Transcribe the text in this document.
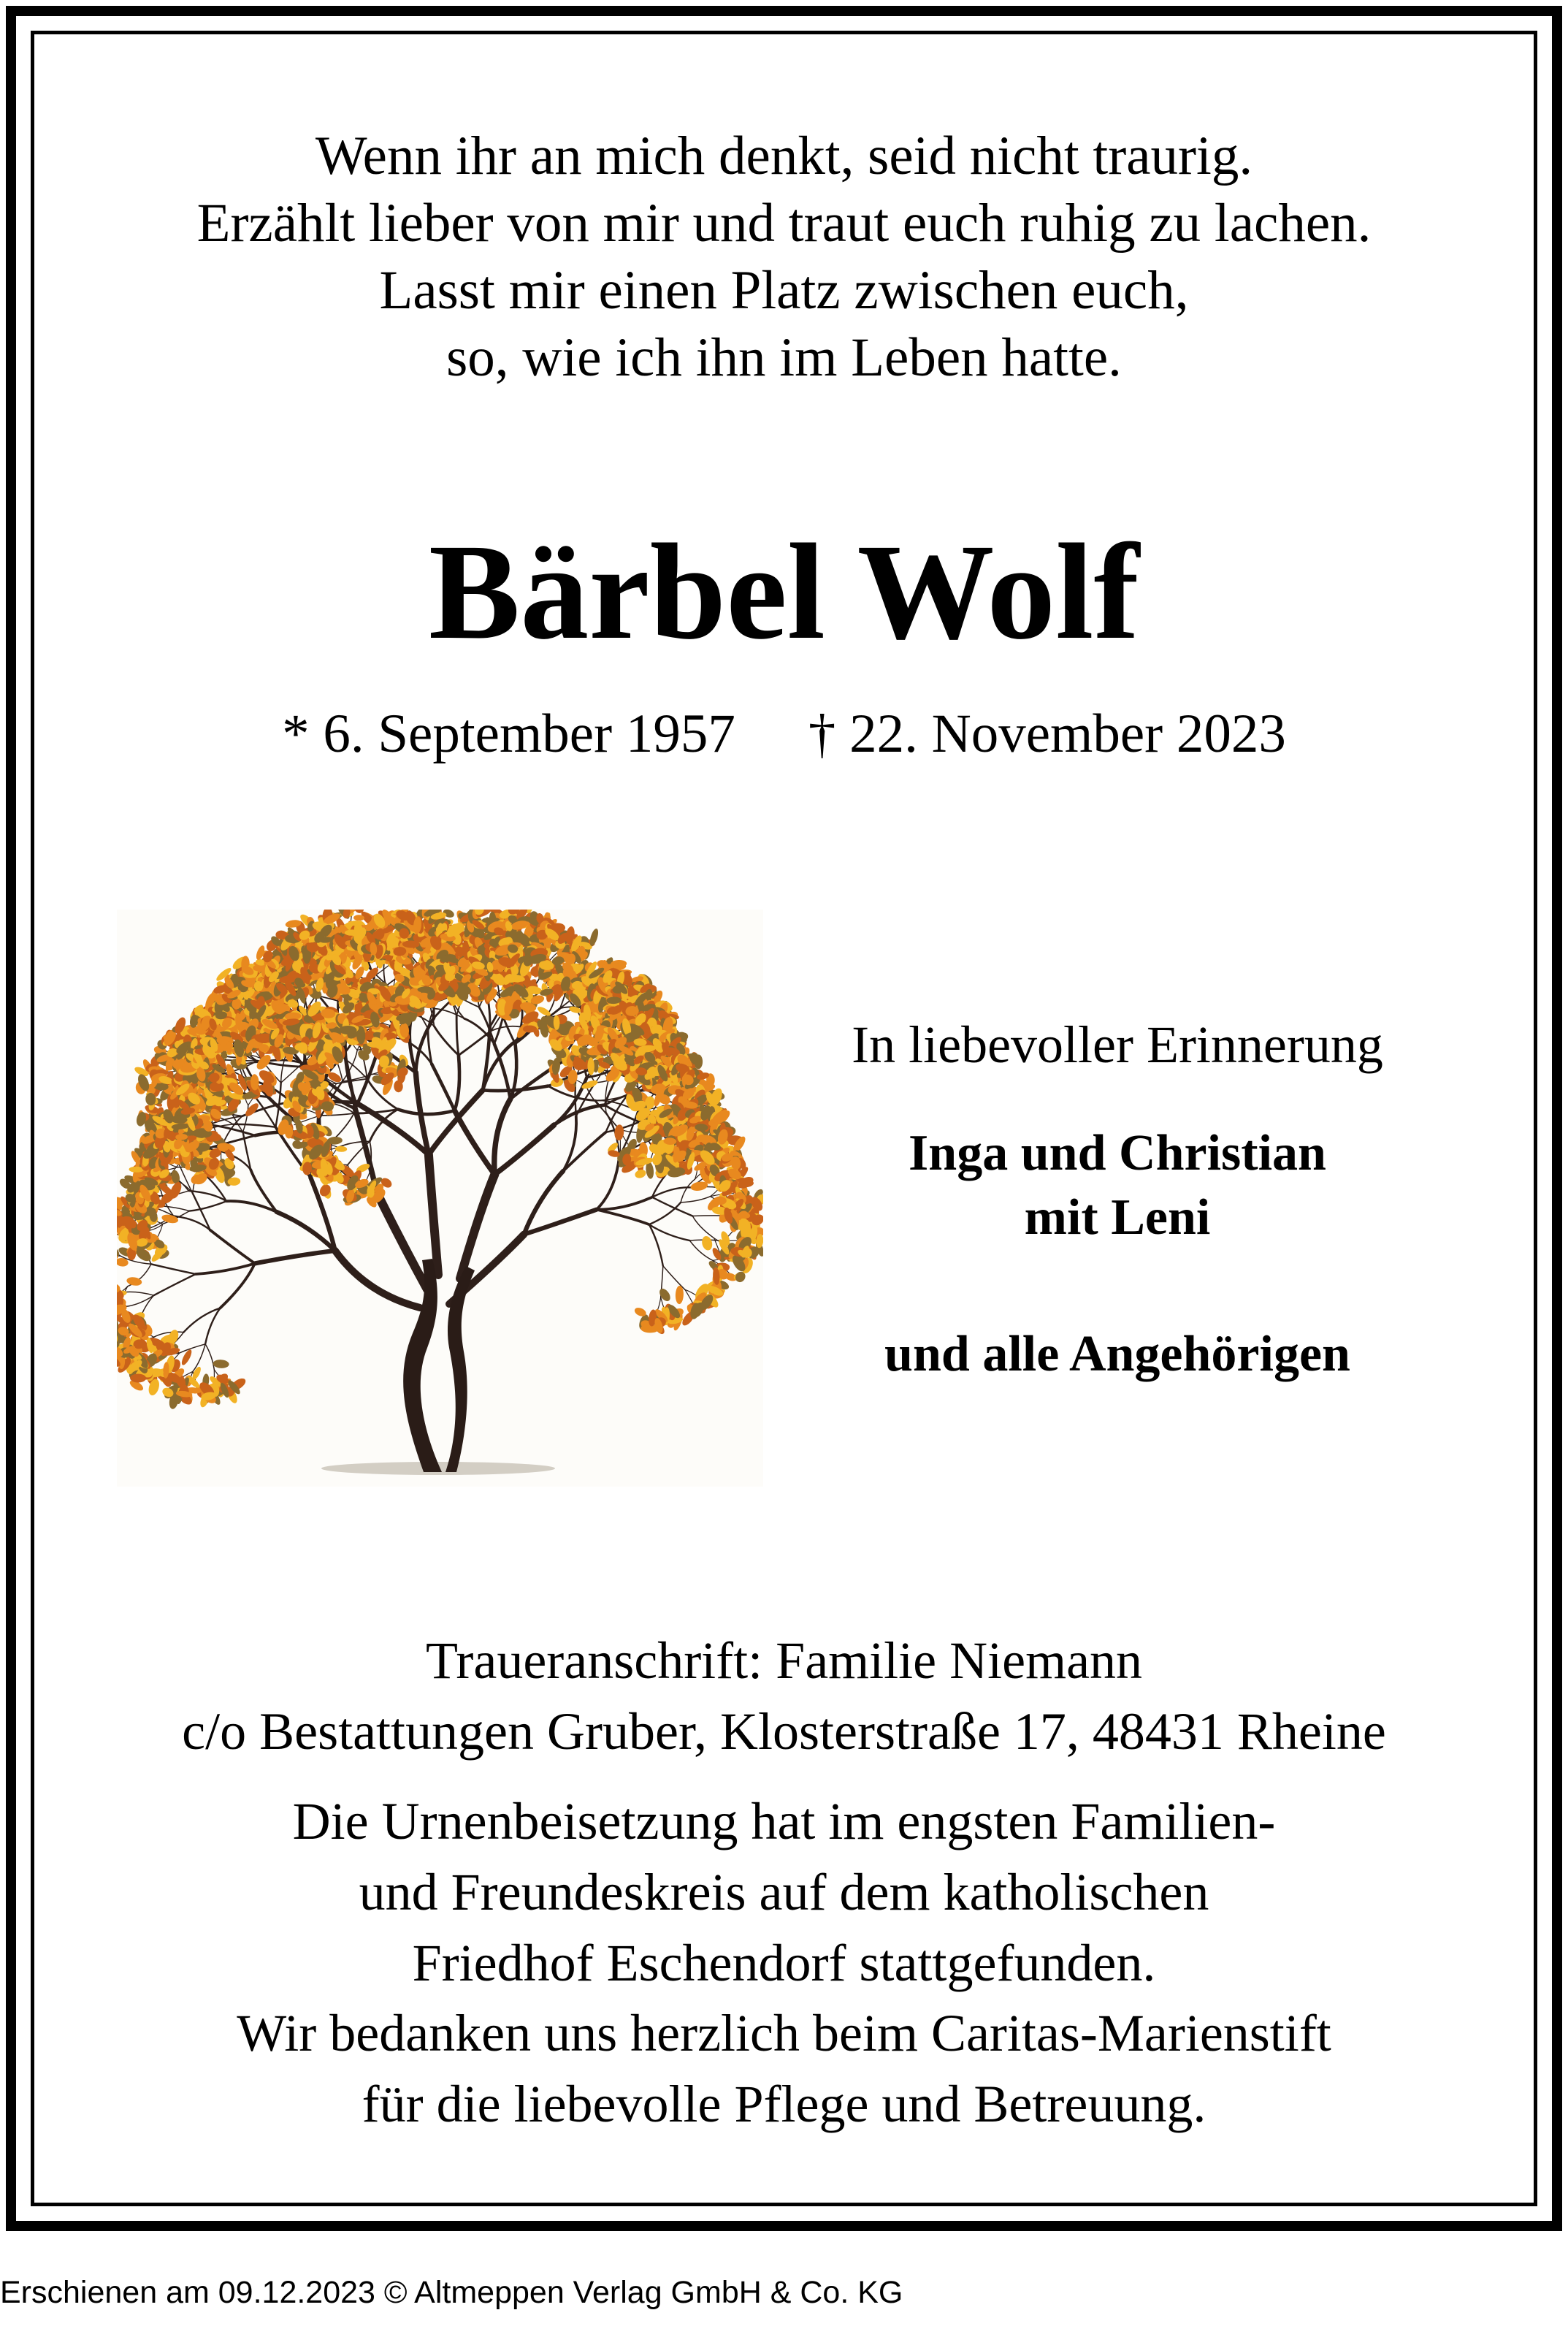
Wenn ihr an mich denkt, seid nicht traurig.
Erzählt lieber von mir und traut euch ruhig zu lachen.
Lasst mir einen Platz zwischen euch,
so, wie ich ihn im Leben hatte.
Bärbel Wolf
* 6. September 1957 † 22. November 2023
In liebevoller Erinnerung
Inga und Christian
mit Leni
und alle Angehörigen
Traueranschrift: Familie Niemann
c/o Bestattungen Gruber, Klosterstraße 17, 48431 Rheine
Die Urnenbeisetzung hat im engsten Familien-
und Freundeskreis auf dem katholischen
Friedhof Eschendorf stattgefunden.
Wir bedanken uns herzlich beim Caritas-Marienstift
für die liebevolle Pflege und Betreuung.
Erschienen am 09.12.2023 © Altmeppen Verlag GmbH & Co. KG
